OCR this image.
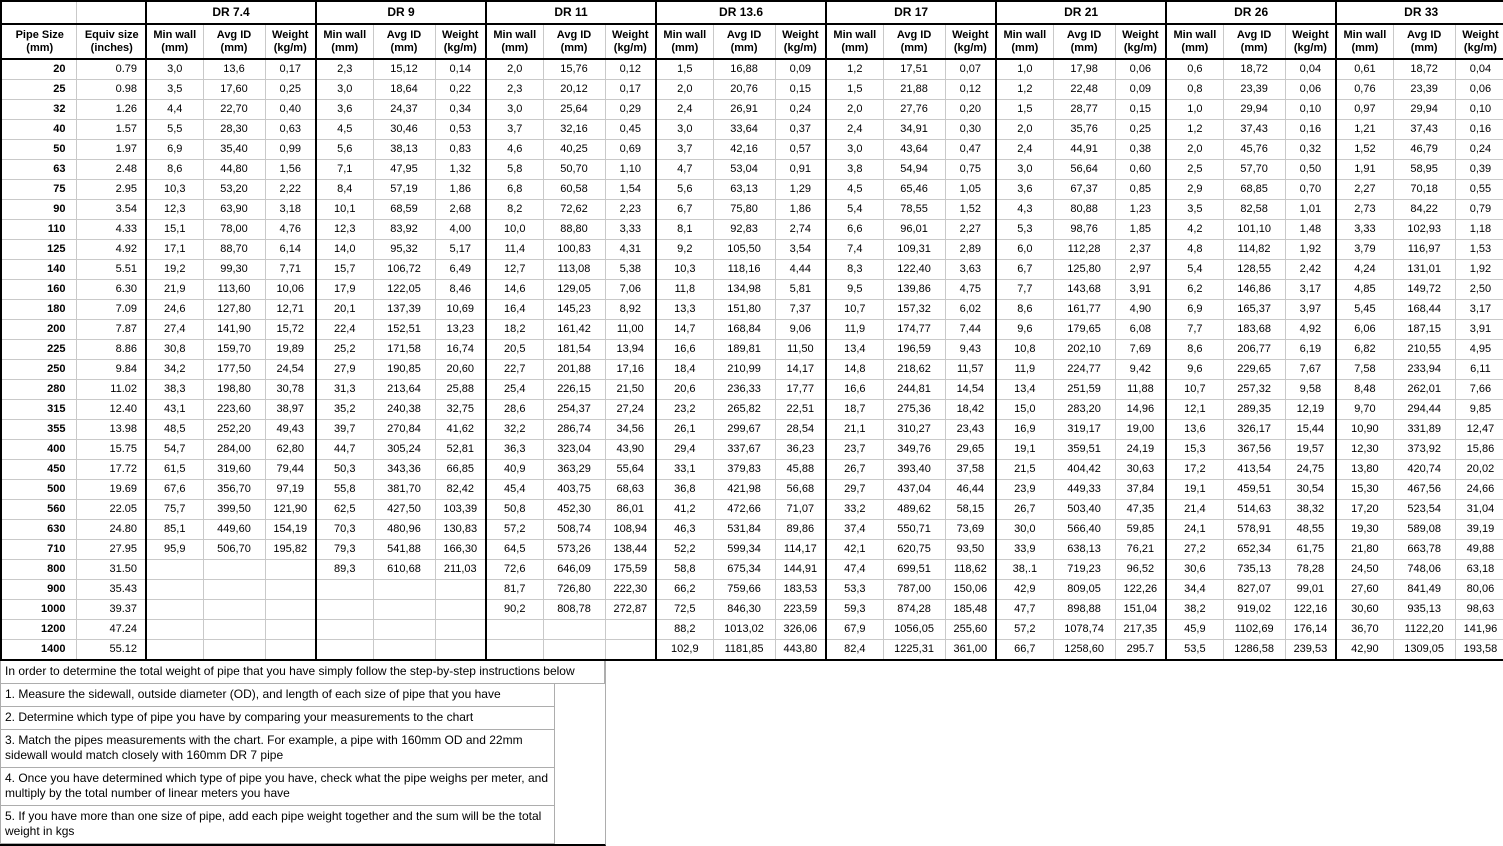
		DR 7.4			DR 9			DR 11			DR 13.6			DR 17			DR 21			DR 26			DR 33		
Pipe Size (mm)	Equiv size (inches)	Min wall (mm)	Avg ID (mm)	Weight (kg/m)	Min wall (mm)	Avg ID (mm)	Weight (kg/m)	Min wall (mm)	Avg ID (mm)	Weight (kg/m)	Min wall (mm)	Avg ID (mm)	Weight (kg/m)	Min wall (mm)	Avg ID (mm)	Weight (kg/m)	Min wall (mm)	Avg ID (mm)	Weight (kg/m)	Min wall (mm)	Avg ID (mm)	Weight (kg/m)	Min wall (mm)	Avg ID (mm)	Weight (kg/m)
20	0.79	3,0	13,6	0,17	2,3	15,12	0,14	2,0	15,76	0,12	1,5	16,88	0,09	1,2	17,51	0,07	1,0	17,98	0,06	0,6	18,72	0,04	0,61	18,72	0,04
25	0.98	3,5	17,60	0,25	3,0	18,64	0,22	2,3	20,12	0,17	2,0	20,76	0,15	1,5	21,88	0,12	1,2	22,48	0,09	0,8	23,39	0,06	0,76	23,39	0,06
32	1.26	4,4	22,70	0,40	3,6	24,37	0,34	3,0	25,64	0,29	2,4	26,91	0,24	2,0	27,76	0,20	1,5	28,77	0,15	1,0	29,94	0,10	0,97	29,94	0,10
40	1.57	5,5	28,30	0,63	4,5	30,46	0,53	3,7	32,16	0,45	3,0	33,64	0,37	2,4	34,91	0,30	2,0	35,76	0,25	1,2	37,43	0,16	1,21	37,43	0,16
50	1.97	6,9	35,40	0,99	5,6	38,13	0,83	4,6	40,25	0,69	3,7	42,16	0,57	3,0	43,64	0,47	2,4	44,91	0,38	2,0	45,76	0,32	1,52	46,79	0,24
63	2.48	8,6	44,80	1,56	7,1	47,95	1,32	5,8	50,70	1,10	4,7	53,04	0,91	3,8	54,94	0,75	3,0	56,64	0,60	2,5	57,70	0,50	1,91	58,95	0,39
75	2.95	10,3	53,20	2,22	8,4	57,19	1,86	6,8	60,58	1,54	5,6	63,13	1,29	4,5	65,46	1,05	3,6	67,37	0,85	2,9	68,85	0,70	2,27	70,18	0,55
90	3.54	12,3	63,90	3,18	10,1	68,59	2,68	8,2	72,62	2,23	6,7	75,80	1,86	5,4	78,55	1,52	4,3	80,88	1,23	3,5	82,58	1,01	2,73	84,22	0,79
110	4.33	15,1	78,00	4,76	12,3	83,92	4,00	10,0	88,80	3,33	8,1	92,83	2,74	6,6	96,01	2,27	5,3	98,76	1,85	4,2	101,10	1,48	3,33	102,93	1,18
125	4.92	17,1	88,70	6,14	14,0	95,32	5,17	11,4	100,83	4,31	9,2	105,50	3,54	7,4	109,31	2,89	6,0	112,28	2,37	4,8	114,82	1,92	3,79	116,97	1,53
140	5.51	19,2	99,30	7,71	15,7	106,72	6,49	12,7	113,08	5,38	10,3	118,16	4,44	8,3	122,40	3,63	6,7	125,80	2,97	5,4	128,55	2,42	4,24	131,01	1,92
160	6.30	21,9	113,60	10,06	17,9	122,05	8,46	14,6	129,05	7,06	11,8	134,98	5,81	9,5	139,86	4,75	7,7	143,68	3,91	6,2	146,86	3,17	4,85	149,72	2,50
180	7.09	24,6	127,80	12,71	20,1	137,39	10,69	16,4	145,23	8,92	13,3	151,80	7,37	10,7	157,32	6,02	8,6	161,77	4,90	6,9	165,37	3,97	5,45	168,44	3,17
200	7.87	27,4	141,90	15,72	22,4	152,51	13,23	18,2	161,42	11,00	14,7	168,84	9,06	11,9	174,77	7,44	9,6	179,65	6,08	7,7	183,68	4,92	6,06	187,15	3,91
225	8.86	30,8	159,70	19,89	25,2	171,58	16,74	20,5	181,54	13,94	16,6	189,81	11,50	13,4	196,59	9,43	10,8	202,10	7,69	8,6	206,77	6,19	6,82	210,55	4,95
250	9.84	34,2	177,50	24,54	27,9	190,85	20,60	22,7	201,88	17,16	18,4	210,99	14,17	14,8	218,62	11,57	11,9	224,77	9,42	9,6	229,65	7,67	7,58	233,94	6,11
280	11.02	38,3	198,80	30,78	31,3	213,64	25,88	25,4	226,15	21,50	20,6	236,33	17,77	16,6	244,81	14,54	13,4	251,59	11,88	10,7	257,32	9,58	8,48	262,01	7,66
315	12.40	43,1	223,60	38,97	35,2	240,38	32,75	28,6	254,37	27,24	23,2	265,82	22,51	18,7	275,36	18,42	15,0	283,20	14,96	12,1	289,35	12,19	9,70	294,44	9,85
355	13.98	48,5	252,20	49,43	39,7	270,84	41,62	32,2	286,74	34,56	26,1	299,67	28,54	21,1	310,27	23,43	16,9	319,17	19,00	13,6	326,17	15,44	10,90	331,89	12,47
400	15.75	54,7	284,00	62,80	44,7	305,24	52,81	36,3	323,04	43,90	29,4	337,67	36,23	23,7	349,76	29,65	19,1	359,51	24,19	15,3	367,56	19,57	12,30	373,92	15,86
450	17.72	61,5	319,60	79,44	50,3	343,36	66,85	40,9	363,29	55,64	33,1	379,83	45,88	26,7	393,40	37,58	21,5	404,42	30,63	17,2	413,54	24,75	13,80	420,74	20,02
500	19.69	67,6	356,70	97,19	55,8	381,70	82,42	45,4	403,75	68,63	36,8	421,98	56,68	29,7	437,04	46,44	23,9	449,33	37,84	19,1	459,51	30,54	15,30	467,56	24,66
560	22.05	75,7	399,50	121,90	62,5	427,50	103,39	50,8	452,30	86,01	41,2	472,66	71,07	33,2	489,62	58,15	26,7	503,40	47,35	21,4	514,63	38,32	17,20	523,54	31,04
630	24.80	85,1	449,60	154,19	70,3	480,96	130,83	57,2	508,74	108,94	46,3	531,84	89,86	37,4	550,71	73,69	30,0	566,40	59,85	24,1	578,91	48,55	19,30	589,08	39,19
710	27.95	95,9	506,70	195,82	79,3	541,88	166,30	64,5	573,26	138,44	52,2	599,34	114,17	42,1	620,75	93,50	33,9	638,13	76,21	27,2	652,34	61,75	21,80	663,78	49,88
800	31.50				89,3	610,68	211,03	72,6	646,09	175,59	58,8	675,34	144,91	47,4	699,51	118,62	38,.1	719,23	96,52	30,6	735,13	78,28	24,50	748,06	63,18
900	35.43							81,7	726,80	222,30	66,2	759,66	183,53	53,3	787,00	150,06	42,9	809,05	122,26	34,4	827,07	99,01	27,60	841,49	80,06
1000	39.37							90,2	808,78	272,87	72,5	846,30	223,59	59,3	874,28	185,48	47,7	898,88	151,04	38,2	919,02	122,16	30,60	935,13	98,63
1200	47.24										88,2	1013,02	326,06	67,9	1056,05	255,60	57,2	1078,74	217,35	45,9	1102,69	176,14	36,70	1122,20	141,96
1400	55.12										102,9	1181,85	443,80	82,4	1225,31	361,00	66,7	1258,60	295.7	53,5	1286,58	239,53	42,90	1309,05	193,58
In order to determine the total weight of pipe that you have simply follow the step-by-step instructions below
1. Measure the sidewall, outside diameter (OD), and length of each size of pipe that you have
2. Determine which type of pipe you have by comparing your measurements to the chart
3. Match the pipes measurements with the chart. For example, a pipe with 160mm OD and 22mm sidewall would match closely with 160mm DR 7 pipe
4. Once you have determined which type of pipe you have, check what the pipe weighs per meter, and multiply by the total number of linear meters you have
5. If you have more than one size of pipe, add each pipe weight together and the sum will be the total weight in kgs
